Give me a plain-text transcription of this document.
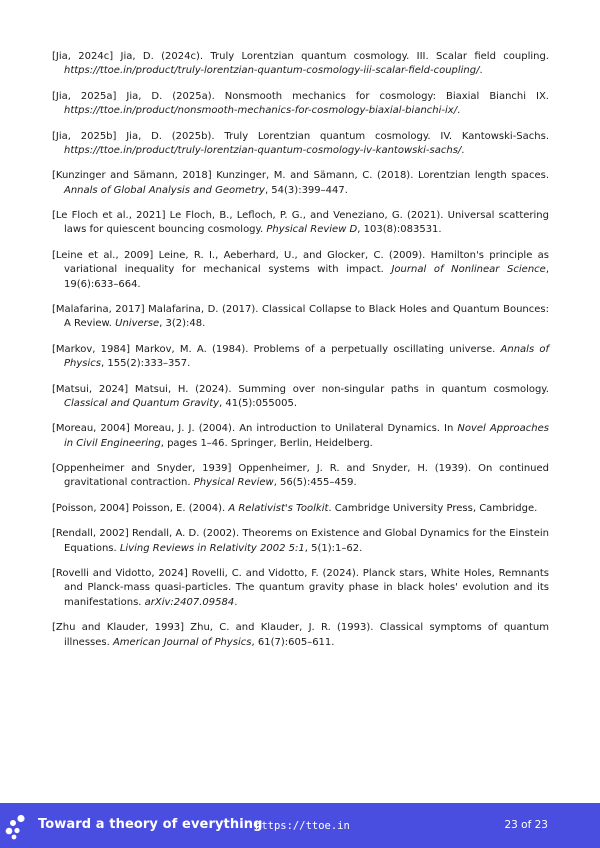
[Jia, 2024c] Jia, D. (2024c). Truly Lorentzian quantum cosmology. III. Scalar field coupling. https://ttoe.in/product/truly-lorentzian-quantum-cosmology-iii-scalar-field-coupling/.

[Jia, 2025a] Jia, D. (2025a). Nonsmooth mechanics for cosmology: Biaxial Bianchi IX. https://ttoe.in/product/nonsmooth-mechanics-for-cosmology-biaxial-bianchi-ix/.

[Jia, 2025b] Jia, D. (2025b). Truly Lorentzian quantum cosmology. IV. Kantowski-Sachs. https://ttoe.in/product/truly-lorentzian-quantum-cosmology-iv-kantowski-sachs/.

[Kunzinger and Sämann, 2018] Kunzinger, M. and Sämann, C. (2018). Lorentzian length spaces. Annals of Global Analysis and Geometry, 54(3):399–447.

[Le Floch et al., 2021] Le Floch, B., Lefloch, P. G., and Veneziano, G. (2021). Universal scattering laws for quiescent bouncing cosmology. Physical Review D, 103(8):083531.

[Leine et al., 2009] Leine, R. I., Aeberhard, U., and Glocker, C. (2009). Hamilton's principle as variational inequality for mechanical systems with impact. Journal of Nonlinear Science, 19(6):633–664.

[Malafarina, 2017] Malafarina, D. (2017). Classical Collapse to Black Holes and Quantum Bounces: A Review. Universe, 3(2):48.

[Markov, 1984] Markov, M. A. (1984). Problems of a perpetually oscillating universe. Annals of Physics, 155(2):333–357.

[Matsui, 2024] Matsui, H. (2024). Summing over non-singular paths in quantum cosmology. Classical and Quantum Gravity, 41(5):055005.

[Moreau, 2004] Moreau, J. J. (2004). An introduction to Unilateral Dynamics. In Novel Approaches in Civil Engineering, pages 1–46. Springer, Berlin, Heidelberg.

[Oppenheimer and Snyder, 1939] Oppenheimer, J. R. and Snyder, H. (1939). On continued gravitational contraction. Physical Review, 56(5):455–459.

[Poisson, 2004] Poisson, E. (2004). A Relativist's Toolkit. Cambridge University Press, Cambridge.

[Rendall, 2002] Rendall, A. D. (2002). Theorems on Existence and Global Dynamics for the Einstein Equations. Living Reviews in Relativity 2002 5:1, 5(1):1–62.

[Rovelli and Vidotto, 2024] Rovelli, C. and Vidotto, F. (2024). Planck stars, White Holes, Remnants and Planck-mass quasi-particles. The quantum gravity phase in black holes' evolution and its manifestations. arXiv:2407.09584.

[Zhu and Klauder, 1993] Zhu, C. and Klauder, J. R. (1993). Classical symptoms of quantum illnesses. American Journal of Physics, 61(7):605–611.

Toward a theory of everything
https://ttoe.in	23 of 23
